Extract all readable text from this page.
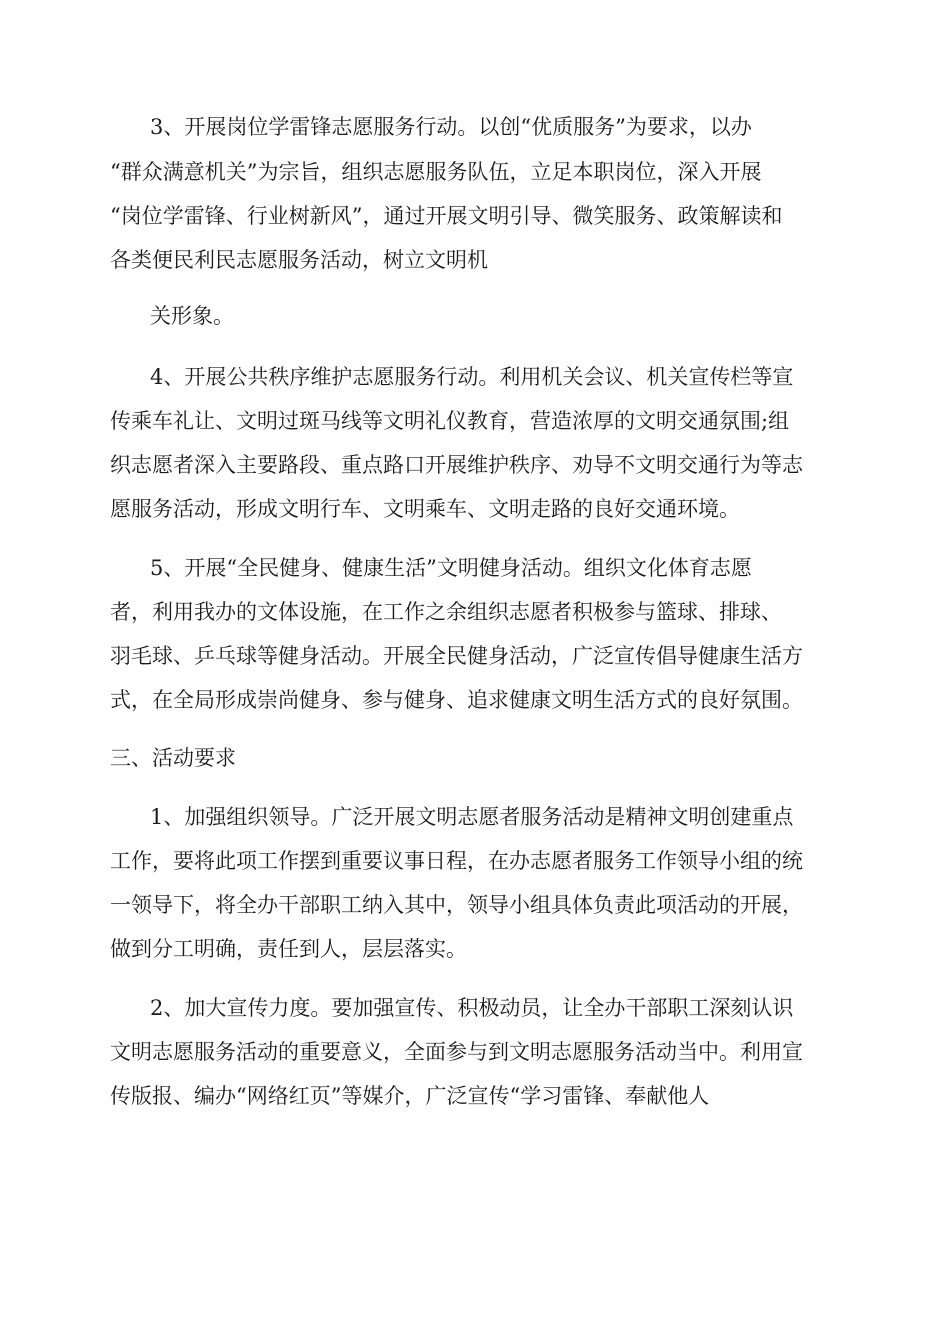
3、开展岗位学雷锋志愿服务行动。以创“优质服务”为要求，以办

“群众满意机关”为宗旨，组织志愿服务队伍，立足本职岗位，深入开展

“岗位学雷锋、行业树新风”，通过开展文明引导、微笑服务、政策解读和

各类便民利民志愿服务活动，树立文明机

关形象。

4、开展公共秩序维护志愿服务行动。利用机关会议、机关宣传栏等宣

传乘车礼让、文明过斑马线等文明礼仪教育，营造浓厚的文明交通氛围;组

织志愿者深入主要路段、重点路口开展维护秩序、劝导不文明交通行为等志

愿服务活动，形成文明行车、文明乘车、文明走路的良好交通环境。

5、开展“全民健身、健康生活”文明健身活动。组织文化体育志愿

者，利用我办的文体设施，在工作之余组织志愿者积极参与篮球、排球、

羽毛球、乒乓球等健身活动。开展全民健身活动，广泛宣传倡导健康生活方

式，在全局形成崇尚健身、参与健身、追求健康文明生活方式的良好氛围。

三、活动要求

1、加强组织领导。广泛开展文明志愿者服务活动是精神文明创建重点

工作，要将此项工作摆到重要议事日程，在办志愿者服务工作领导小组的统

一领导下，将全办干部职工纳入其中，领导小组具体负责此项活动的开展，

做到分工明确，责任到人，层层落实。

2、加大宣传力度。要加强宣传、积极动员，让全办干部职工深刻认识

文明志愿服务活动的重要意义，全面参与到文明志愿服务活动当中。利用宣

传版报、编办“网络红页”等媒介，广泛宣传“学习雷锋、奉献他人
